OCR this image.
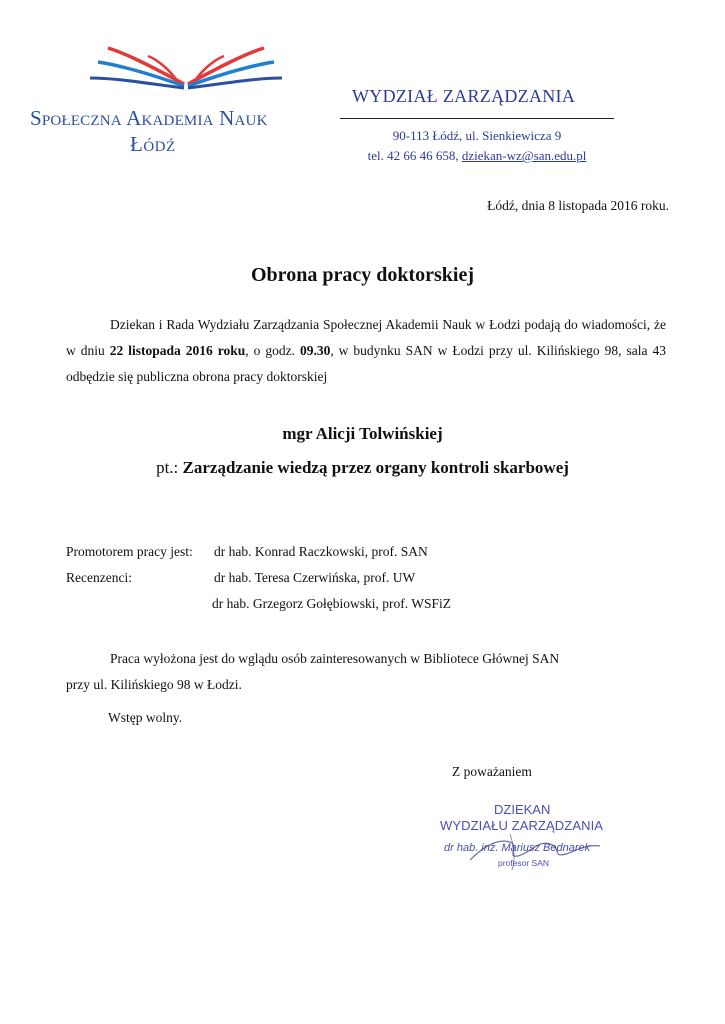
Społeczna Akademia Nauk
Łódź
WYDZIAŁ ZARZĄDZANIA
90-113 Łódź, ul. Sienkiewicza 9
tel. 42 66 46 658, dziekan-wz@san.edu.pl
Łódź, dnia 8 listopada 2016 roku.
Obrona pracy doktorskiej
Dziekan i Rada Wydziału Zarządzania Społecznej Akademii Nauk w Łodzi podają do wiadomości, że w dniu 22 listopada 2016 roku, o godz. 09.30, w budynku SAN w Łodzi przy ul. Kilińskiego 98, sala 43 odbędzie się publiczna obrona pracy doktorskiej
mgr Alicji Tolwińskiej
pt.: Zarządzanie wiedzą przez organy kontroli skarbowej
Promotorem pracy jest: dr hab. Konrad Raczkowski, prof. SAN
Recenzenci:	dr hab. Teresa Czerwińska, prof. UW
dr hab. Grzegorz Gołębiowski, prof. WSFiZ
Praca wyłożona jest do wglądu osób zainteresowanych w Bibliotece Głównej SAN
przy ul. Kilińskiego 98 w Łodzi.
Wstęp wolny.
Z poważaniem
DZIEKAN
WYDZIAŁU ZARZĄDZANIA
dr hab. inż. Mariusz Bednarek
profesor SAN
